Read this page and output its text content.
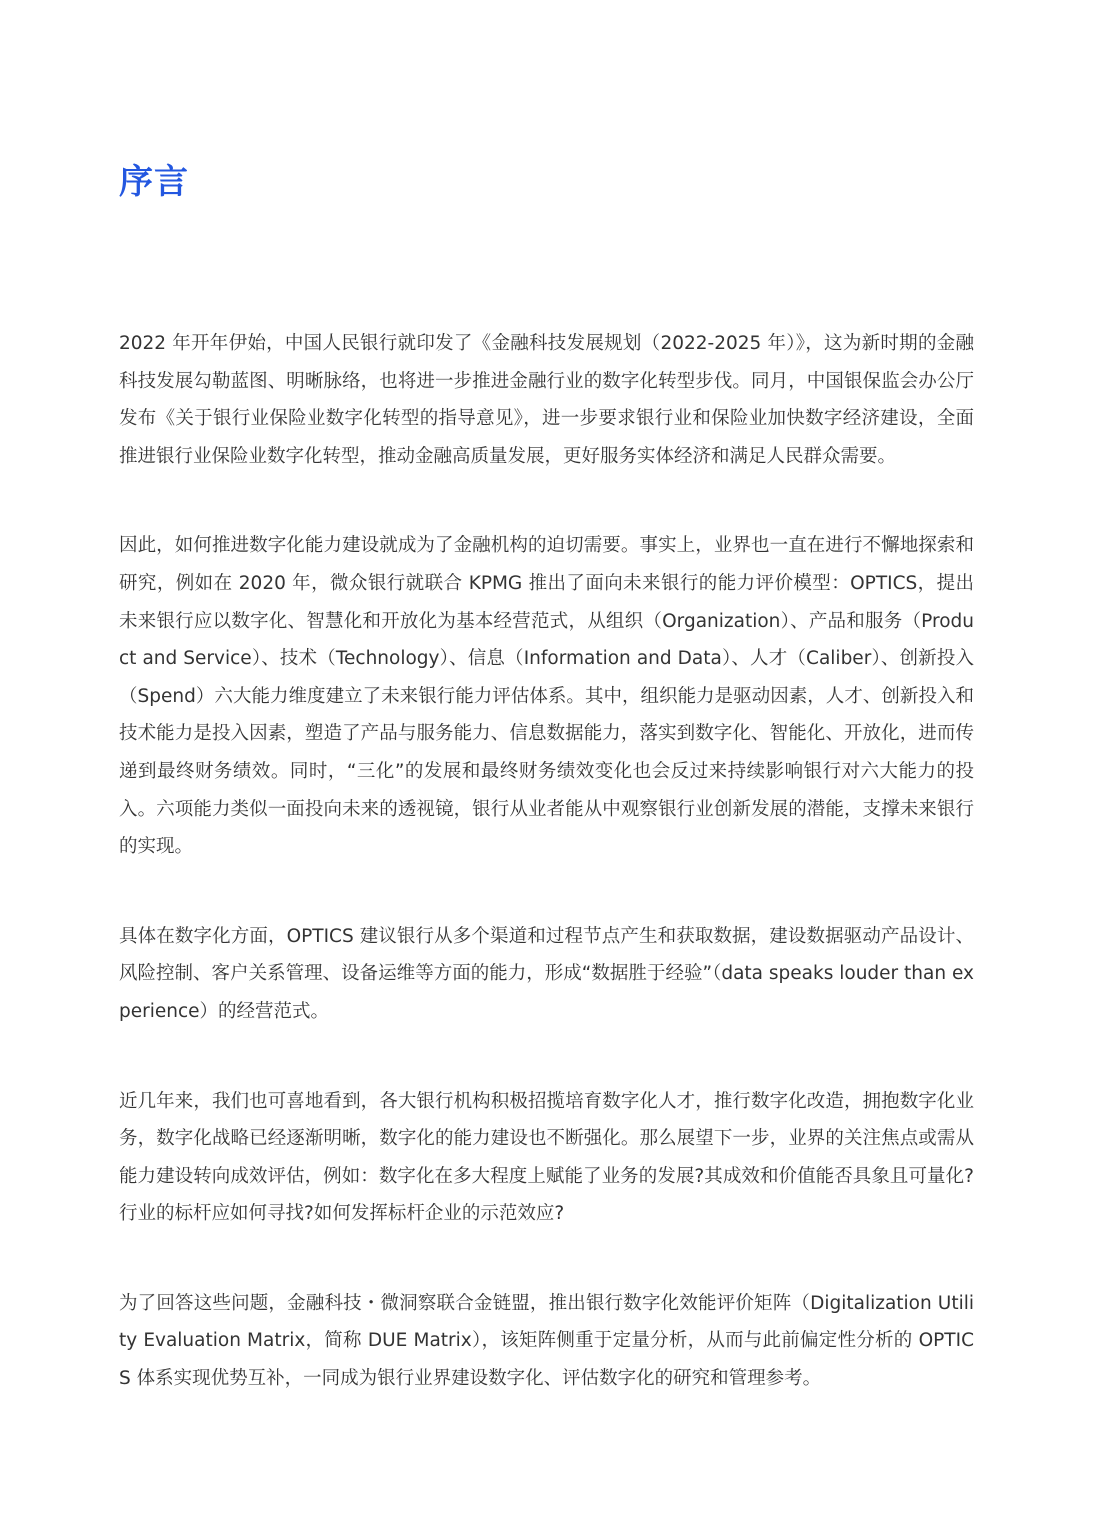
序言

2022 年开年伊始，中国人民银行就印发了《金融科技发展规划（2022-2025 年）》，这为新时期的金融科技发展勾勒蓝图、明晰脉络，也将进一步推进金融行业的数字化转型步伐。同月，中国银保监会办公厅发布《关于银行业保险业数字化转型的指导意见》，进一步要求银行业和保险业加快数字经济建设，全面推进银行业保险业数字化转型，推动金融高质量发展，更好服务实体经济和满足人民群众需要。

因此，如何推进数字化能力建设就成为了金融机构的迫切需要。事实上，业界也一直在进行不懈地探索和研究，例如在 2020 年，微众银行就联合 KPMG 推出了面向未来银行的能力评价模型：OPTICS，提出未来银行应以数字化、智慧化和开放化为基本经营范式，从组织（Organization）、产品和服务（Product and Service）、技术（Technology）、信息（Information and Data）、人才（Caliber）、创新投入（Spend）六大能力维度建立了未来银行能力评估体系。其中，组织能力是驱动因素，人才、创新投入和技术能力是投入因素，塑造了产品与服务能力、信息数据能力，落实到数字化、智能化、开放化，进而传递到最终财务绩效。同时，“三化”的发展和最终财务绩效变化也会反过来持续影响银行对六大能力的投入。六项能力类似一面投向未来的透视镜，银行从业者能从中观察银行业创新发展的潜能，支撑未来银行的实现。

具体在数字化方面，OPTICS 建议银行从多个渠道和过程节点产生和获取数据，建设数据驱动产品设计、风险控制、客户关系管理、设备运维等方面的能力，形成“数据胜于经验”（data speaks louder than experience）的经营范式。

近几年来，我们也可喜地看到，各大银行机构积极招揽培育数字化人才，推行数字化改造，拥抱数字化业务，数字化战略已经逐渐明晰，数字化的能力建设也不断强化。那么展望下一步，业界的关注焦点或需从能力建设转向成效评估，例如：数字化在多大程度上赋能了业务的发展?其成效和价值能否具象且可量化?行业的标杆应如何寻找?如何发挥标杆企业的示范效应?

为了回答这些问题，金融科技・微洞察联合金链盟，推出银行数字化效能评价矩阵（Digitalization Utility Evaluation Matrix，简称 DUE Matrix），该矩阵侧重于定量分析，从而与此前偏定性分析的 OPTICS 体系实现优势互补，一同成为银行业界建设数字化、评估数字化的研究和管理参考。
